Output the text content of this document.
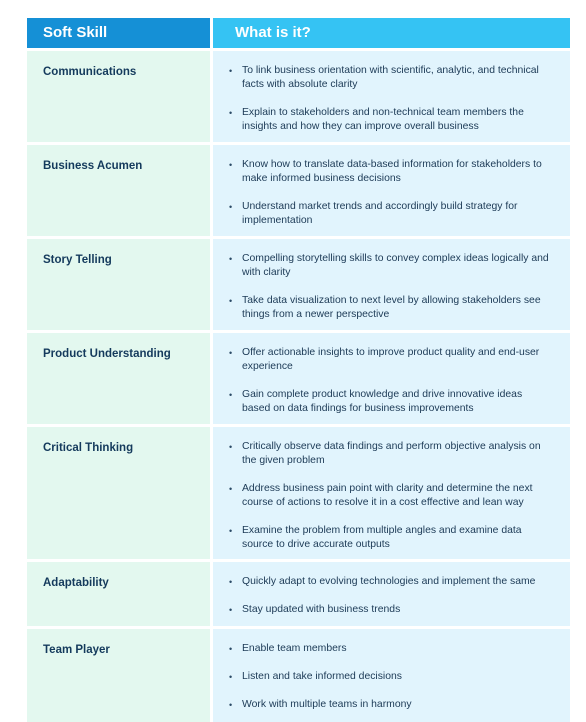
Soft Skill	What is it?
Communications	• To link business orientation with scientific, analytic, and technical facts with absolute clarity
• Explain to stakeholders and non-technical team members the insights and how they can improve overall business
Business Acumen	• Know how to translate data-based information for stakeholders to make informed business decisions
• Understand market trends and accordingly build strategy for implementation
Story Telling	• Compelling storytelling skills to convey complex ideas logically and with clarity
• Take data visualization to next level by allowing stakeholders see things from a newer perspective
Product Understanding	• Offer actionable insights to improve product quality and end-user experience
• Gain complete product knowledge and drive innovative ideas based on data findings for business improvements
Critical Thinking	• Critically observe data findings and perform objective analysis on the given problem
• Address business pain point with clarity and determine the next course of actions to resolve it in a cost effective and lean way
• Examine the problem from multiple angles and examine data source to drive accurate outputs
Adaptability	• Quickly adapt to evolving technologies and implement the same
• Stay updated with business trends
Team Player	• Enable team members
• Listen and take informed decisions
• Work with multiple teams in harmony
